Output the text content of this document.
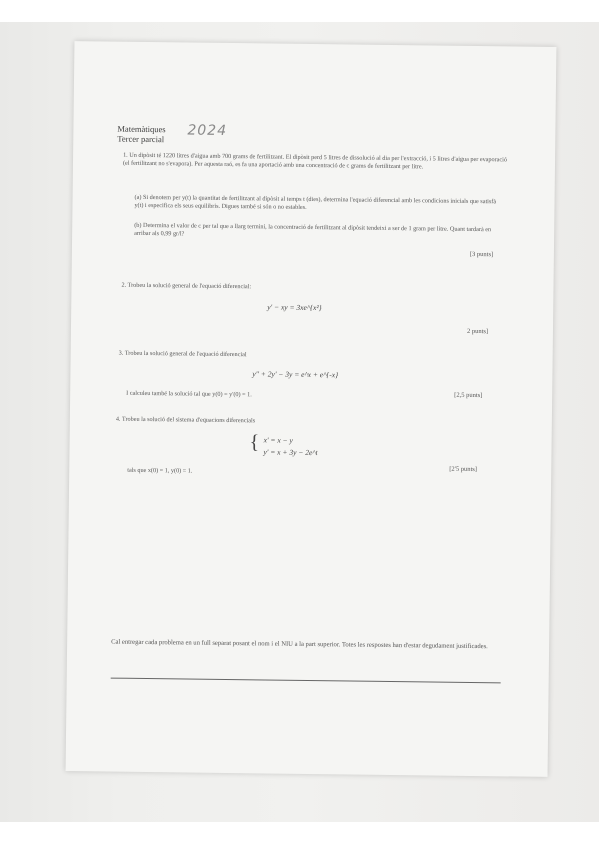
Matemàtiques
Tercer parcial 2024
1. Un dipòsit té 1220 litres d'aigua amb 700 grams de fertilitzant. El dipòsit perd 5 litres de dissolució al dia per l'extracció, i 5 litres d'aigua per evaporació (el fertilitzant no s'evapora). Per aquesta raó, es fa una aportació amb una concentració de c grams de fertilitzant per litre.
(a) Si denotem per y(t) la quantitat de fertilitzant al dipòsit al temps t (dies), determina l'equació diferencial amb les condicions inicials que satisfà y(t) i especifica els seus equilibris. Digues també si són o no estables.
(b) Determina el valor de c per tal que a llarg termini, la concentració de fertilitzant al dipòsit tendeixi a ser de 1 gram per litre. Quant tardarà en arribar als 0,99 gr/l?
[3 punts]
2. Trobeu la solució general de l'equació diferencial:
y' − xy = 3xe^{x²}
2 punts]
3. Trobeu la solució general de l'equació diferencial
y'' + 2y' − 3y = e^x + e^{-x}
I calculeu també la solució tal que y(0) = y'(0) = 1.	[2,5 punts]
4. Trobeu la solució del sistema d'equacions diferencials
{ x' = x − y
y' = x + 3y − 2e^t
tals que x(0) = 1, y(0) = 1.	[2'5 punts]
Cal entregar cada problema en un full separat posant el nom i el NIU a la part superior. Totes les respostes han d'estar degudament justificades.
